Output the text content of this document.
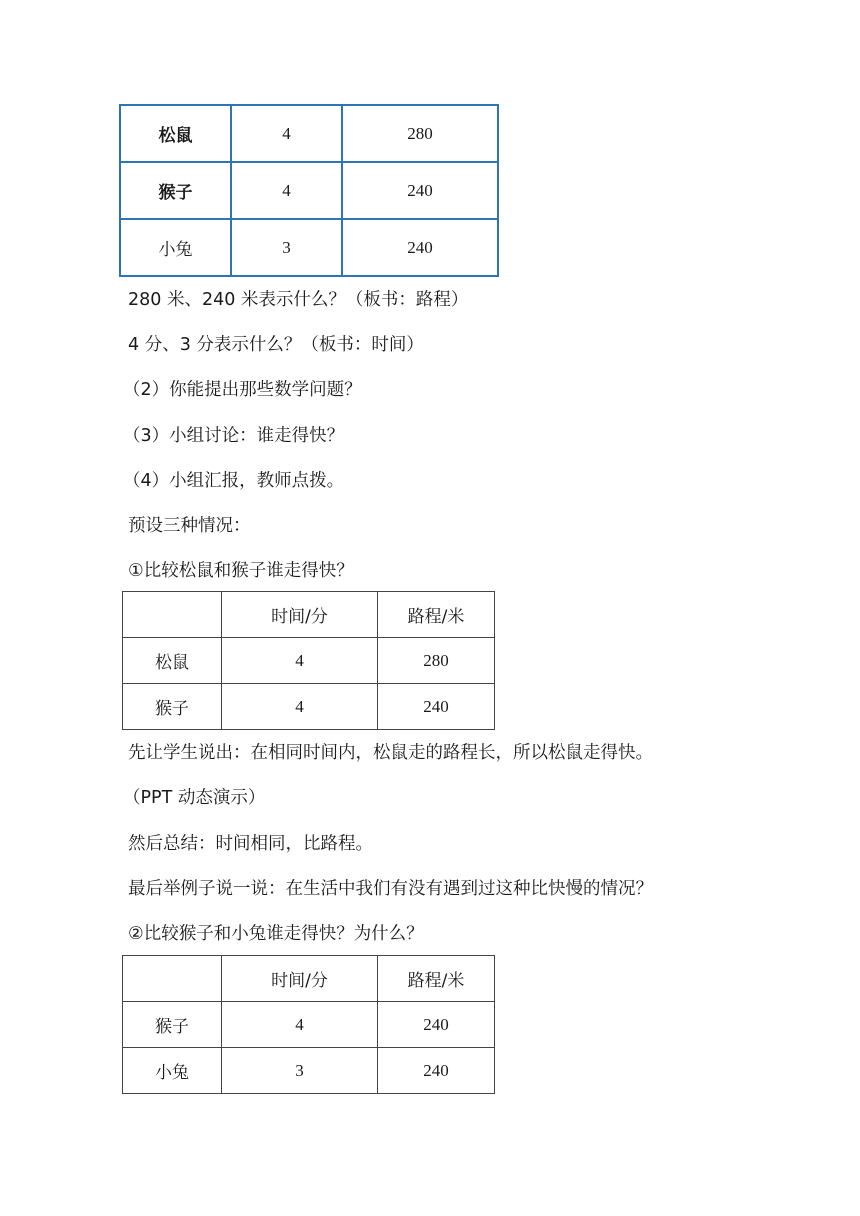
松鼠	4	280
猴子	4	240
小兔	3	240
280 米、240 米表示什么？（板书：路程）
4 分、3 分表示什么？（板书：时间）
（2）你能提出那些数学问题？
（3）小组讨论：谁走得快？
（4）小组汇报，教师点拨。
预设三种情况：
①比较松鼠和猴子谁走得快？
	时间/分	路程/米
松鼠	4	280
猴子	4	240
先让学生说出：在相同时间内，松鼠走的路程长，所以松鼠走得快。
（PPT 动态演示）
然后总结：时间相同，比路程。
最后举例子说一说：在生活中我们有没有遇到过这种比快慢的情况？
②比较猴子和小兔谁走得快？为什么？
	时间/分	路程/米
猴子	4	240
小兔	3	240
